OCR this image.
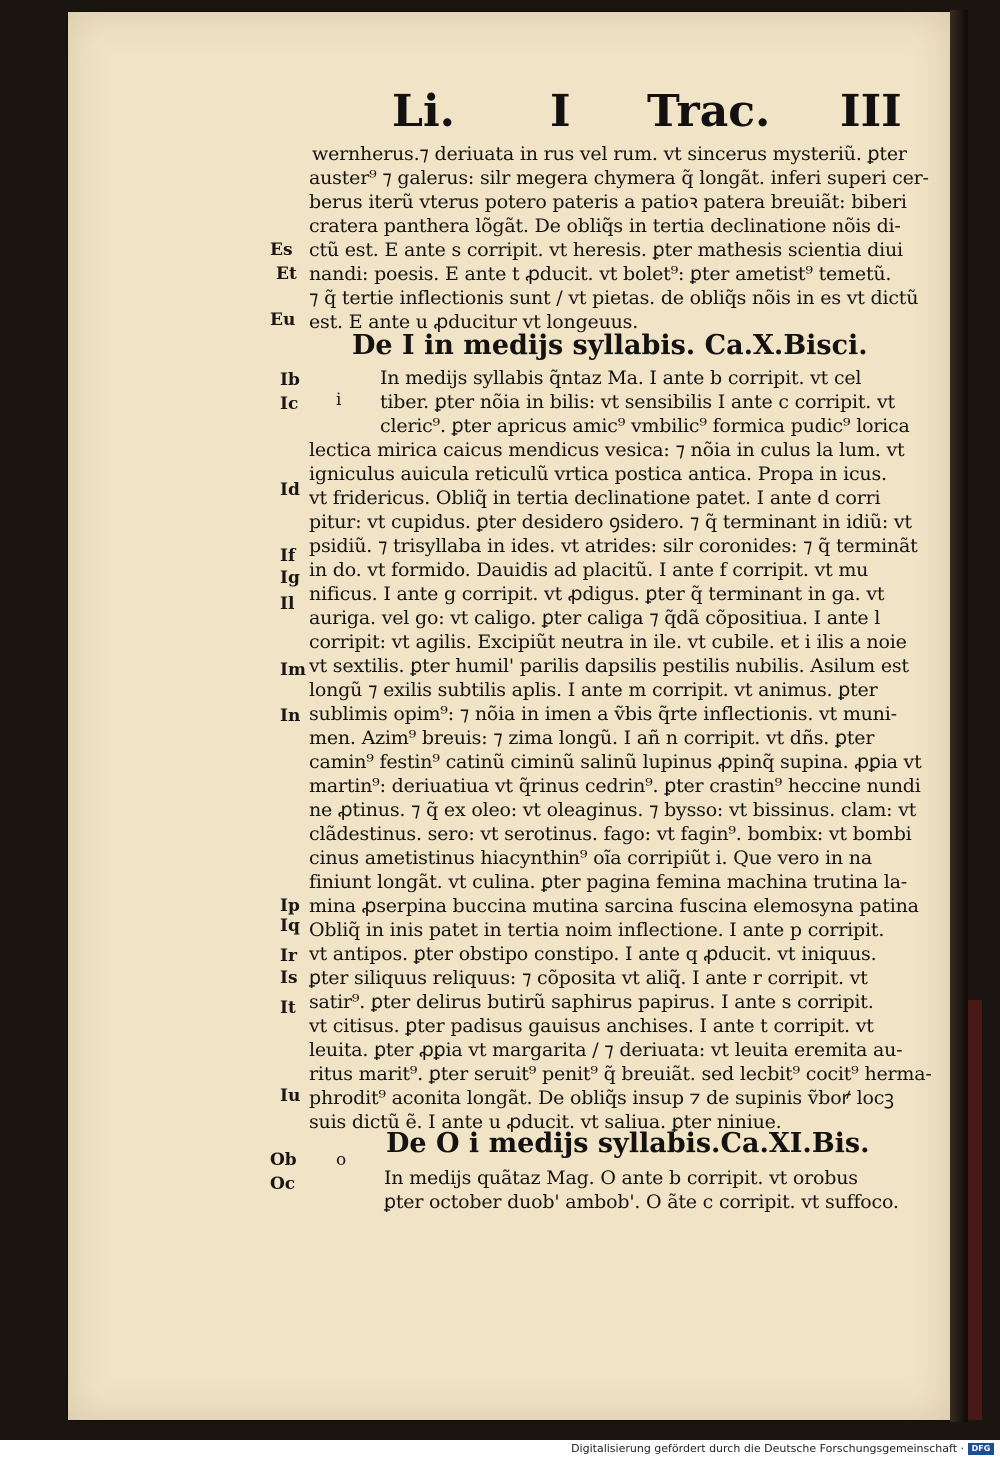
Li. I Trac. III
wernherus.⁊ deriuata in rus vel rum. vt sincerus mysteriũ. ꝑter
auster⁹ ⁊ galerus: silr megera chymera q̃ longãt. inferi superi cer‑
berus iterũ vterus potero pateris a patioꝛ patera breuiãt: biberi
cratera panthera lõgãt. De obliq̃s in tertia declinatione nõis di‑
ctũ est. E ante s corripit. vt heresis. ꝑter mathesis scientia diui
nandi: poesis. E ante t ꝓducit. vt bolet⁹: ꝑter ametist⁹ temetũ.
⁊ q̃ tertie inflectionis sunt / vt pietas. de obliq̃s nõis in es vt dictũ
est. E ante u ꝓducitur vt longeuus.
De I in medijs syllabis. Ca.X.Bisci.
In medijs syllabis q̃ntaz Ma. I ante b corripit. vt cel
tiber. ꝑter nõia in bilis: vt sensibilis I ante c corripit. vt
cleric⁹. ꝑter apricus amic⁹ vmbilic⁹ formica pudic⁹ lorica
lectica mirica caicus mendicus vesica: ⁊ nõia in culus la lum. vt
igniculus auicula reticulũ vrtica postica antica. Propa in icus.
vt fridericus. Obliq̃ in tertia declinatione patet. I ante d corri
pitur: vt cupidus. ꝑter desidero ꝯsidero. ⁊ q̃ terminant in idiũ: vt
psidiũ. ⁊ trisyllaba in ides. vt atrides: silr coronides: ⁊ q̃ terminãt
in do. vt formido. Dauidis ad placitũ. I ante f corripit. vt mu
nificus. I ante g corripit. vt ꝓdigus. ꝑter q̃ terminant in ga. vt
auriga. vel go: vt caligo. ꝑter caliga ⁊ q̃dã cõpositiua. I ante l
corripit: vt agilis. Excipiũt neutra in ile. vt cubile. et i ilis a noie
vt sextilis. ꝑter humil' parilis dapsilis pestilis nubilis. Asilum est
longũ ⁊ exilis subtilis aplis. I ante m corripit. vt animus. ꝑter
sublimis opim⁹: ⁊ nõia in imen a ṽbis q̃rte inflectionis. vt muni‑
men. Azim⁹ breuis: ⁊ zima longũ. I añ n corripit. vt dñs. ꝑter
camin⁹ festin⁹ catinũ ciminũ salinũ lupinus ꝓpinq̃ supina. ꝓꝑia vt
martin⁹: deriuatiua vt q̃rinus cedrin⁹. ꝑter crastin⁹ heccine nundi
ne ꝓtinus. ⁊ q̃ ex oleo: vt oleaginus. ⁊ bysso: vt bissinus. clam: vt
clãdestinus. sero: vt serotinus. fago: vt fagin⁹. bombix: vt bombi
cinus ametistinus hiacynthin⁹ oĩa corripiũt i. Que vero in na
finiunt longãt. vt culina. ꝑter pagina femina machina trutina la‑
mina ꝓserpina buccina mutina sarcina fuscina elemosyna patina
Obliq̃ in inis patet in tertia noim inflectione. I ante p corripit.
vt antipos. ꝑter obstipo constipo. I ante q ꝓducit. vt iniquus.
ꝑter siliquus reliquus: ⁊ cõposita vt aliq̃. I ante r corripit. vt
satir⁹. ꝑter delirus butirũ saphirus papirus. I ante s corripit.
vt citisus. ꝑter padisus gauisus anchises. I ante t corripit. vt
leuita. ꝑter ꝓꝑia vt margarita / ⁊ deriuata: vt leuita eremita au‑
ritus marit⁹. ꝑter seruit⁹ penit⁹ q̃ breuiãt. sed lecbit⁹ cocit⁹ herma‑
phrodit⁹ aconita longãt. De obliq̃s insup ⁊ de supinis ṽboꝵ locꝫ
suis dictũ ẽ. I ante u ꝓducit. vt saliua. ꝑter niniue.
De O i medijs syllabis.Ca.XI.Bis.
In medijs quãtaz Mag. O ante b corripit. vt orobus
ꝑter october duob' ambob'. O ãte c corripit. vt suffoco.
Es
Et
Eu
Ib
Ic i
Id
If
Ig
Il
Im
In
Ip
Iq
Ir
Is
It
Iu
Ob o
Oc
Digitalisierung gefördert durch die Deutsche Forschungsgemeinschaft · DFG
